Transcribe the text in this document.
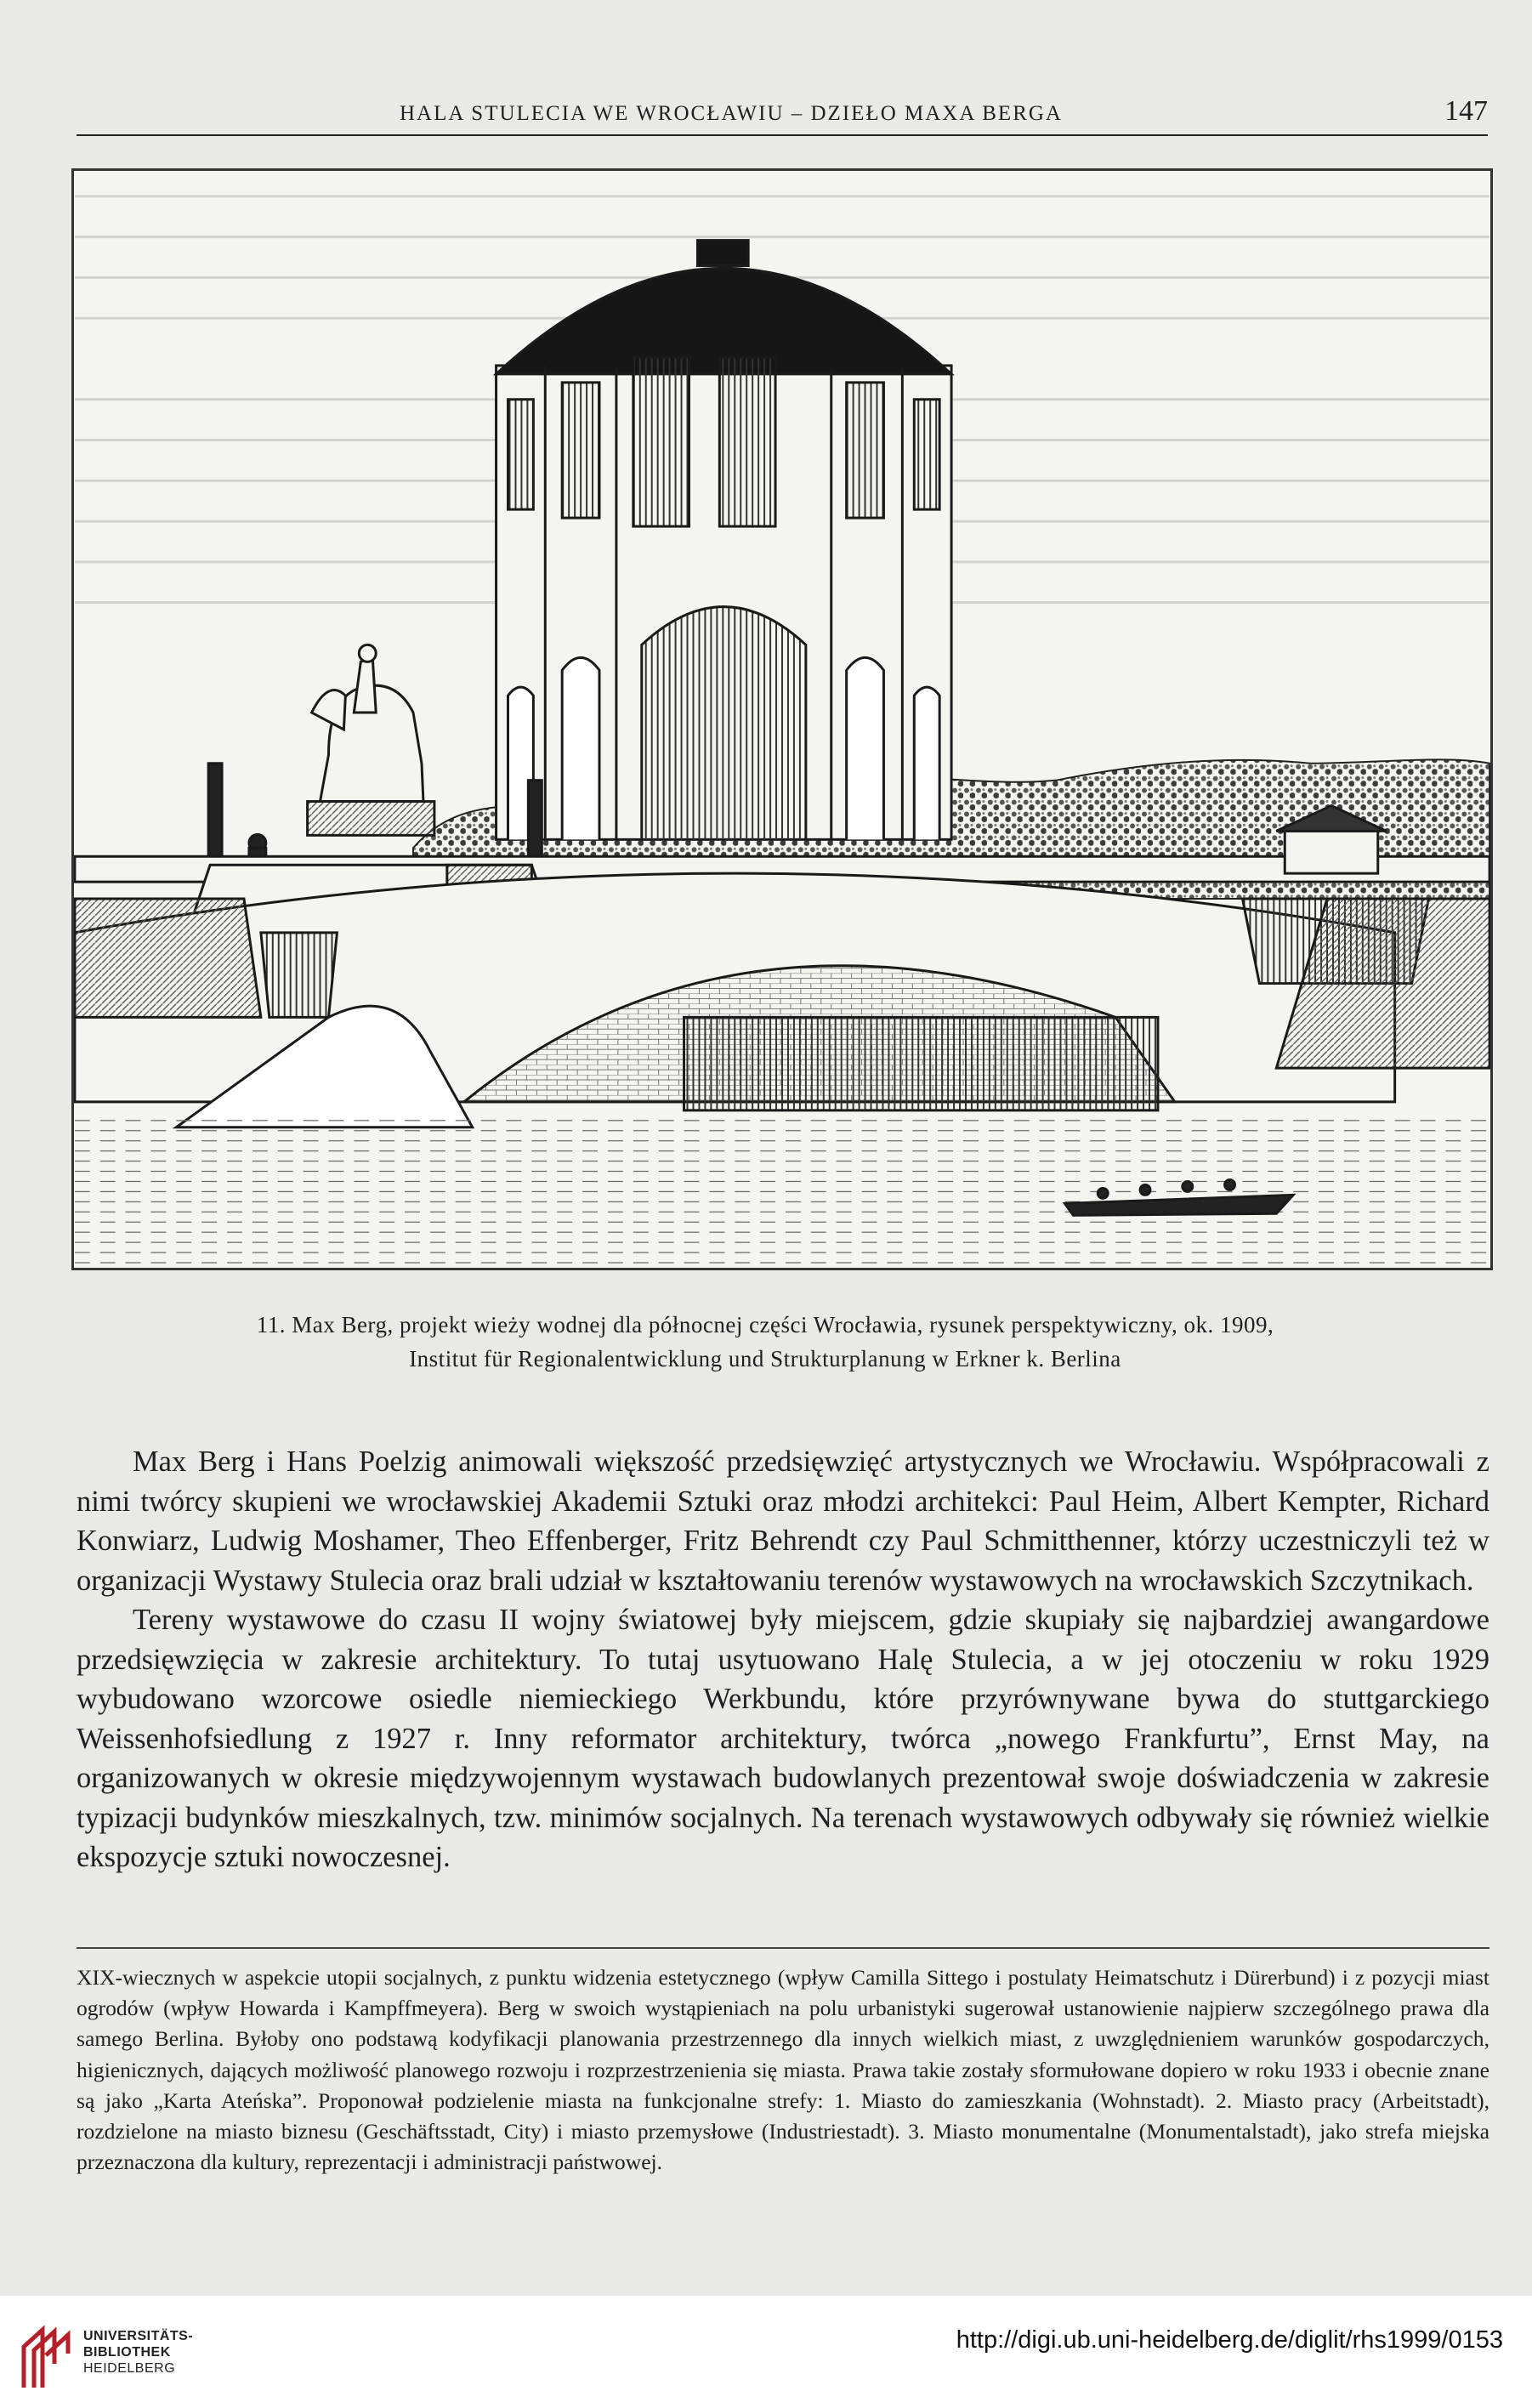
HALA STULECIA WE WROCŁAWIU – DZIEŁO MAXA BERGA	147
11. Max Berg, projekt wieży wodnej dla północnej części Wrocławia, rysunek perspektywiczny, ok. 1909,
Institut für Regionalentwicklung und Strukturplanung w Erkner k. Berlina

Max Berg i Hans Poelzig animowali większość przedsięwzięć artystycznych we Wrocławiu. Współpracowali z nimi twórcy skupieni we wrocławskiej Akademii Sztuki oraz młodzi architekci: Paul Heim, Albert Kempter, Richard Konwiarz, Ludwig Moshamer, Theo Effenberger, Fritz Behrendt czy Paul Schmitthenner, którzy uczestniczyli też w organizacji Wystawy Stulecia oraz brali udział w kształtowaniu terenów wystawowych na wrocławskich Szczytnikach.

Tereny wystawowe do czasu II wojny światowej były miejscem, gdzie skupiały się najbardziej awangardowe przedsięwzięcia w zakresie architektury. To tutaj usytuowano Halę Stulecia, a w jej otoczeniu w roku 1929 wybudowano wzorcowe osiedle niemieckiego Werkbundu, które przyrównywane bywa do stuttgarckiego Weissenhofsiedlung z 1927 r. Inny reformator architektury, twórca „nowego Frankfurtu”, Ernst May, na organizowanych w okresie międzywojennym wystawach budowlanych prezentował swoje doświadczenia w zakresie typizacji budynków mieszkalnych, tzw. minimów socjalnych. Na terenach wystawowych odbywały się również wielkie ekspozycje sztuki nowoczesnej.

XIX-wiecznych w aspekcie utopii socjalnych, z punktu widzenia estetycznego (wpływ Camilla Sittego i postulaty Heimatschutz i Dürerbund) i z pozycji miast ogrodów (wpływ Howarda i Kampffmeyera). Berg w swoich wystąpieniach na polu urbanistyki sugerował ustanowienie najpierw szczególnego prawa dla samego Berlina. Byłoby ono podstawą kodyfikacji planowania przestrzennego dla innych wielkich miast, z uwzględnieniem warunków gospodarczych, higienicznych, dających możliwość planowego rozwoju i rozprzestrzenienia się miasta. Prawa takie zostały sformułowane dopiero w roku 1933 i obecnie znane są jako „Karta Ateńska”. Proponował podzielenie miasta na funkcjonalne strefy: 1. Miasto do zamieszkania (Wohnstadt). 2. Miasto pracy (Arbeitstadt), rozdzielone na miasto biznesu (Geschäftsstadt, City) i miasto przemysłowe (Industriestadt). 3. Miasto monumentalne (Monumentalstadt), jako strefa miejska przeznaczona dla kultury, reprezentacji i administracji państwowej.

UNIVERSITÄTS-
BIBLIOTHEK
HEIDELBERG
http://digi.ub.uni-heidelberg.de/diglit/rhs1999/0153
